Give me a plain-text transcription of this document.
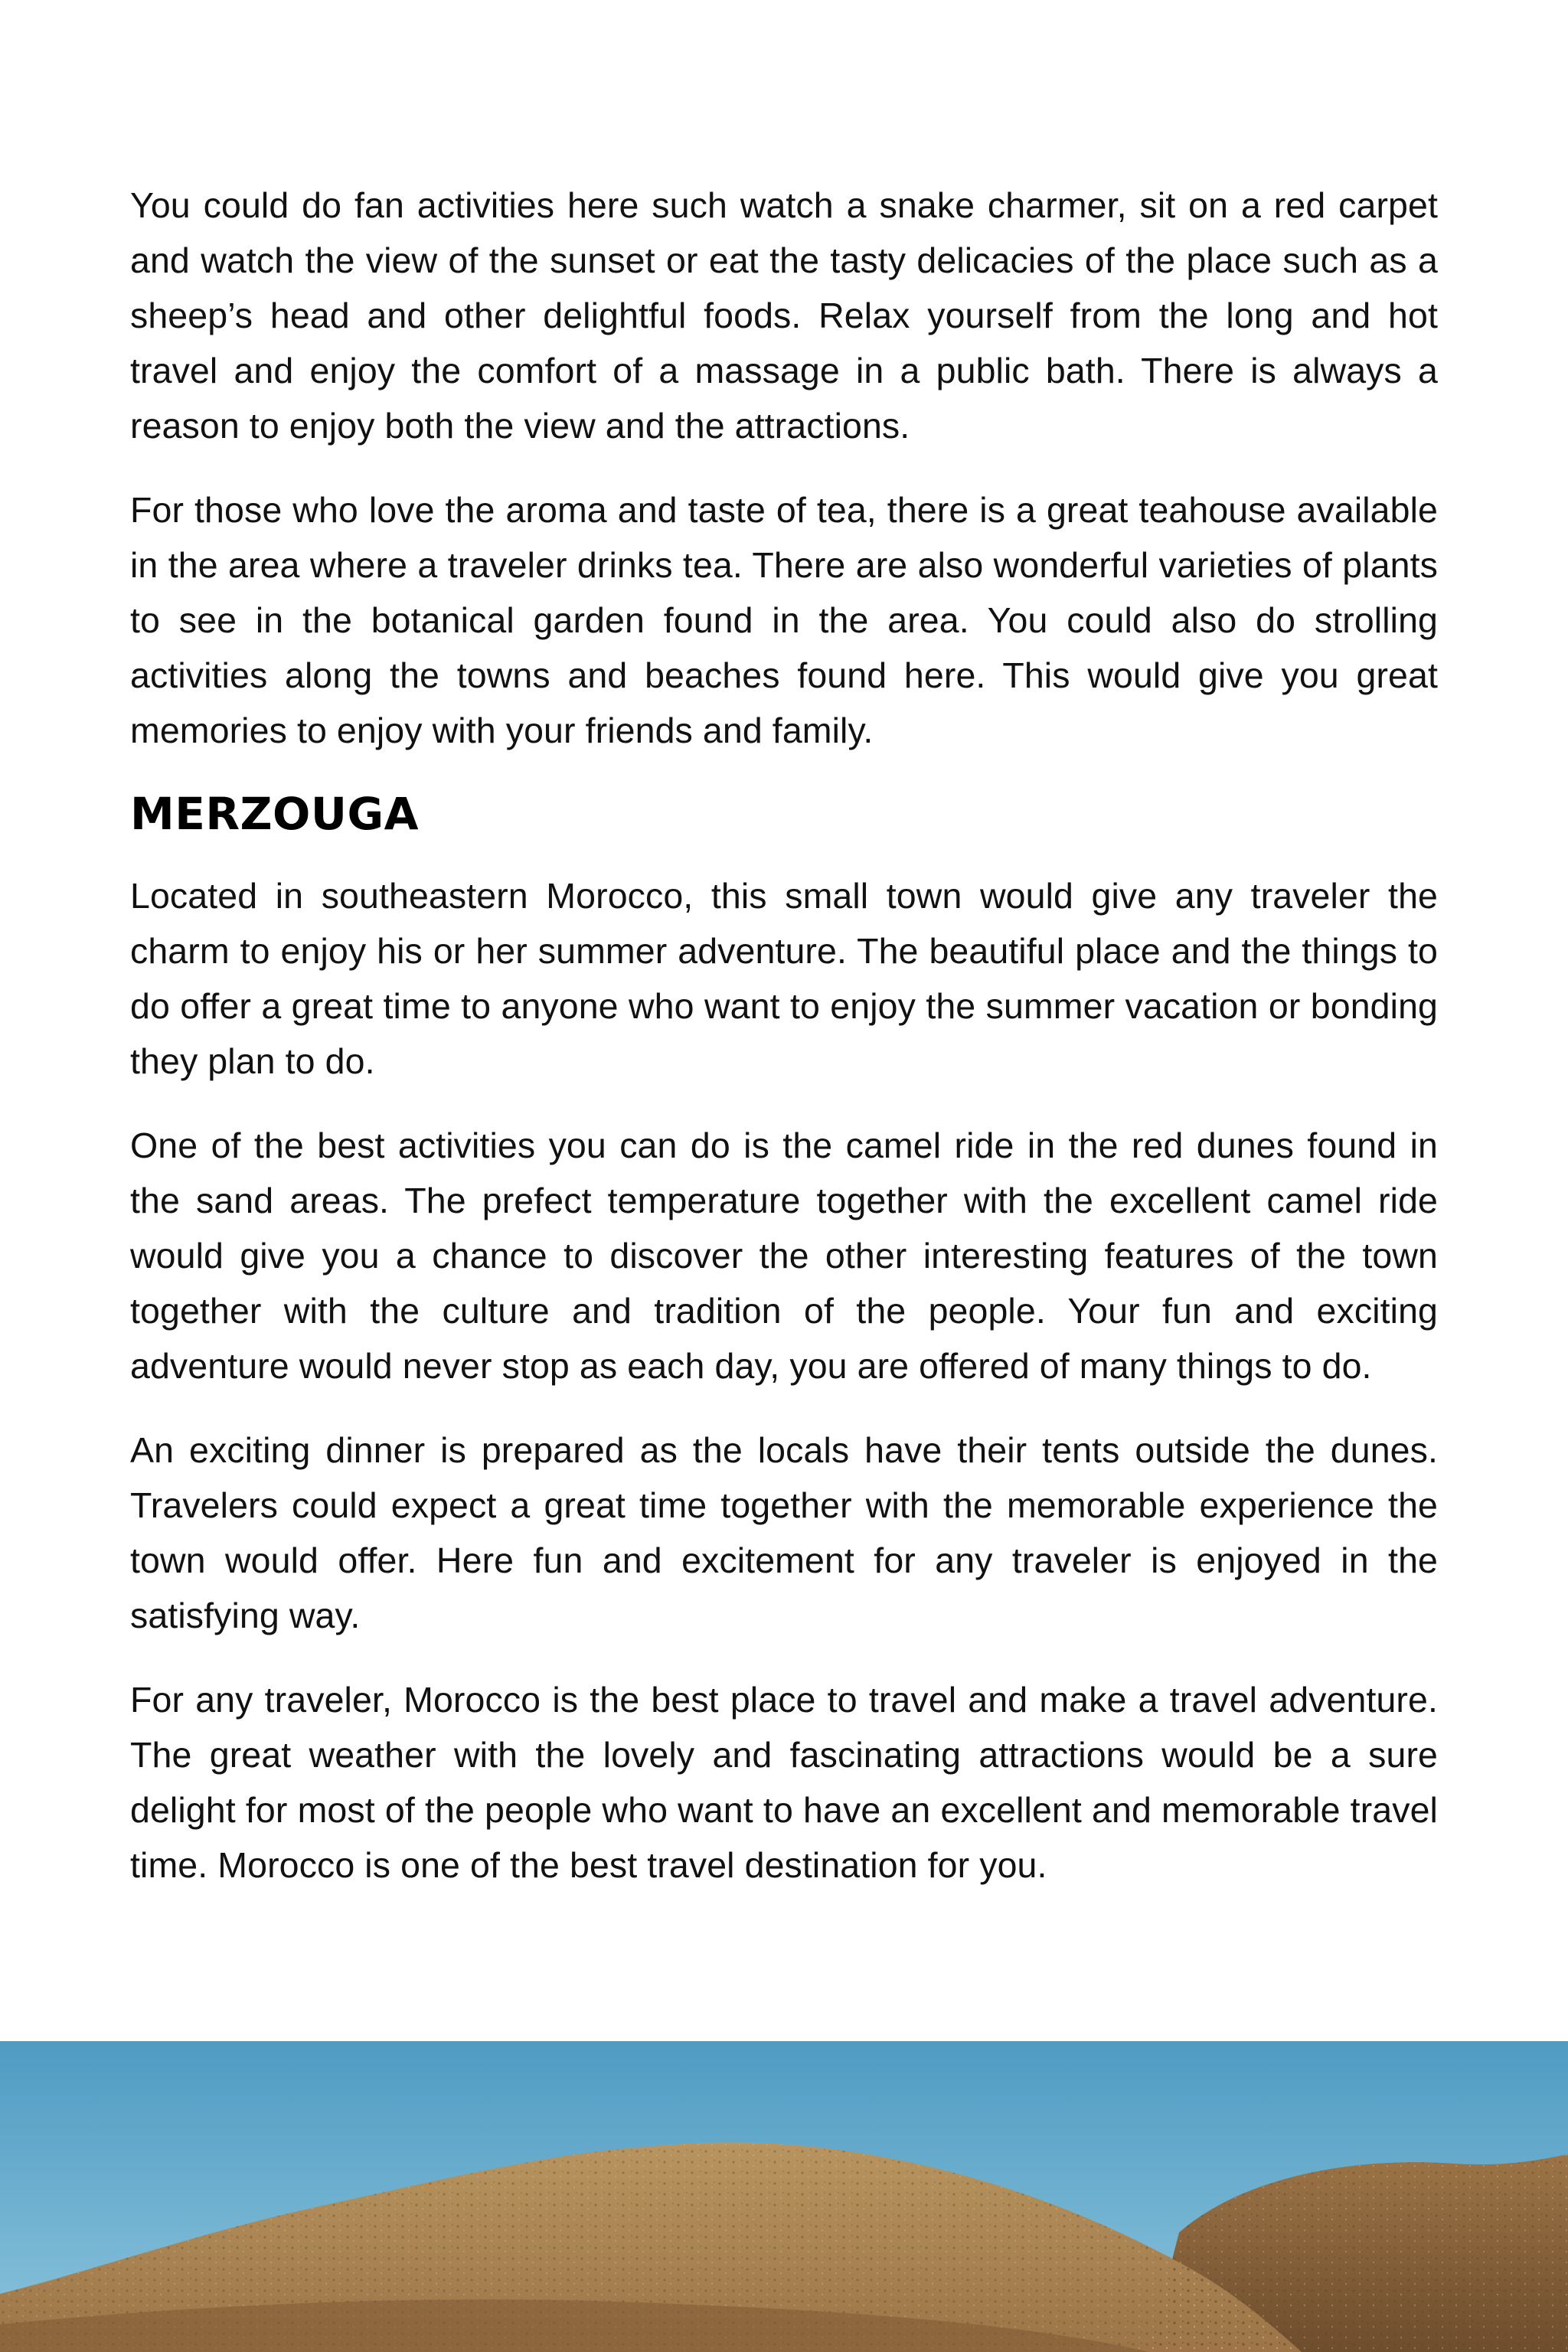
You could do fan activities here such watch a snake charmer, sit on a red carpet and watch the view of the sunset or eat the tasty delicacies of the place such as a sheep’s head and other delightful foods. Relax yourself from the long and hot travel and enjoy the comfort of a massage in a public bath. There is always a reason to enjoy both the view and the attractions.

For those who love the aroma and taste of tea, there is a great teahouse available in the area where a traveler drinks tea. There are also wonderful varieties of plants to see in the botanical garden found in the area. You could also do strolling activities along the towns and beaches found here. This would give you great memories to enjoy with your friends and family.

MERZOUGA

Located in southeastern Morocco, this small town would give any traveler the charm to enjoy his or her summer adventure. The beautiful place and the things to do offer a great time to anyone who want to enjoy the summer vacation or bonding they plan to do.

One of the best activities you can do is the camel ride in the red dunes found in the sand areas. The prefect temperature together with the excellent camel ride would give you a chance to discover the other interesting features of the town together with the culture and tradition of the people. Your fun and exciting adventure would never stop as each day, you are offered of many things to do.

An exciting dinner is prepared as the locals have their tents outside the dunes. Travelers could expect a great time together with the memorable experience the town would offer. Here fun and excitement for any traveler is enjoyed in the satisfying way.

For any traveler, Morocco is the best place to travel and make a travel adventure. The great weather with the lovely and fascinating attractions would be a sure delight for most of the people who want to have an excellent and memorable travel time. Morocco is one of the best travel destination for you.
